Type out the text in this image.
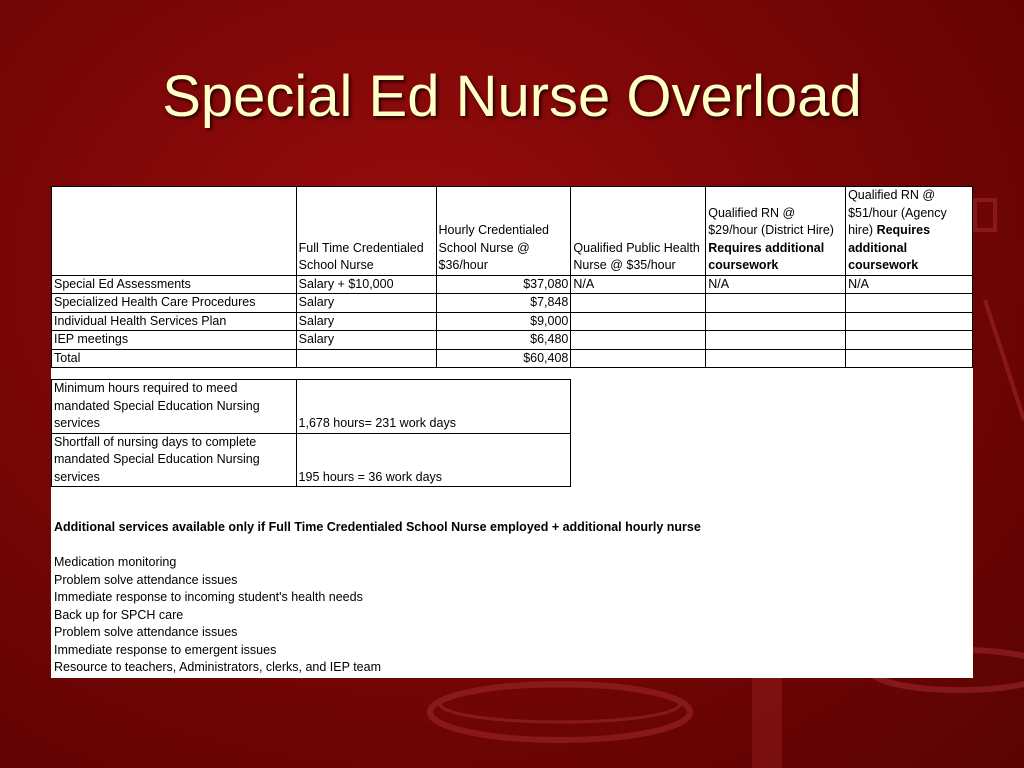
Special Ed Nurse Overload
	Full Time Credentialed School Nurse	Hourly Credentialed School Nurse @ $36/hour	Qualified Public Health Nurse @ $35/hour	Qualified RN @ $29/hour (District Hire) Requires additional coursework	Qualified RN @ $51/hour (Agency hire) Requires additional coursework
Special Ed Assessments	Salary + $10,000	$37,080	N/A	N/A	N/A
Specialized Health Care Procedures	Salary	$7,848			
Individual Health Services Plan	Salary	$9,000			
IEP meetings	Salary	$6,480			
Total		$60,408			
Minimum hours required to meed mandated Special Education Nursing services	1,678 hours= 231 work days
Shortfall of nursing days to complete mandated Special Education Nursing services	195 hours = 36 work days
Additional services available only if Full Time Credentialed School Nurse employed + additional hourly nurse
Medication monitoring
Problem solve attendance issues
Immediate response to incoming student's health needs
Back up for SPCH care
Problem solve attendance issues
Immediate response to emergent issues
Resource to teachers, Administrators, clerks, and IEP team
